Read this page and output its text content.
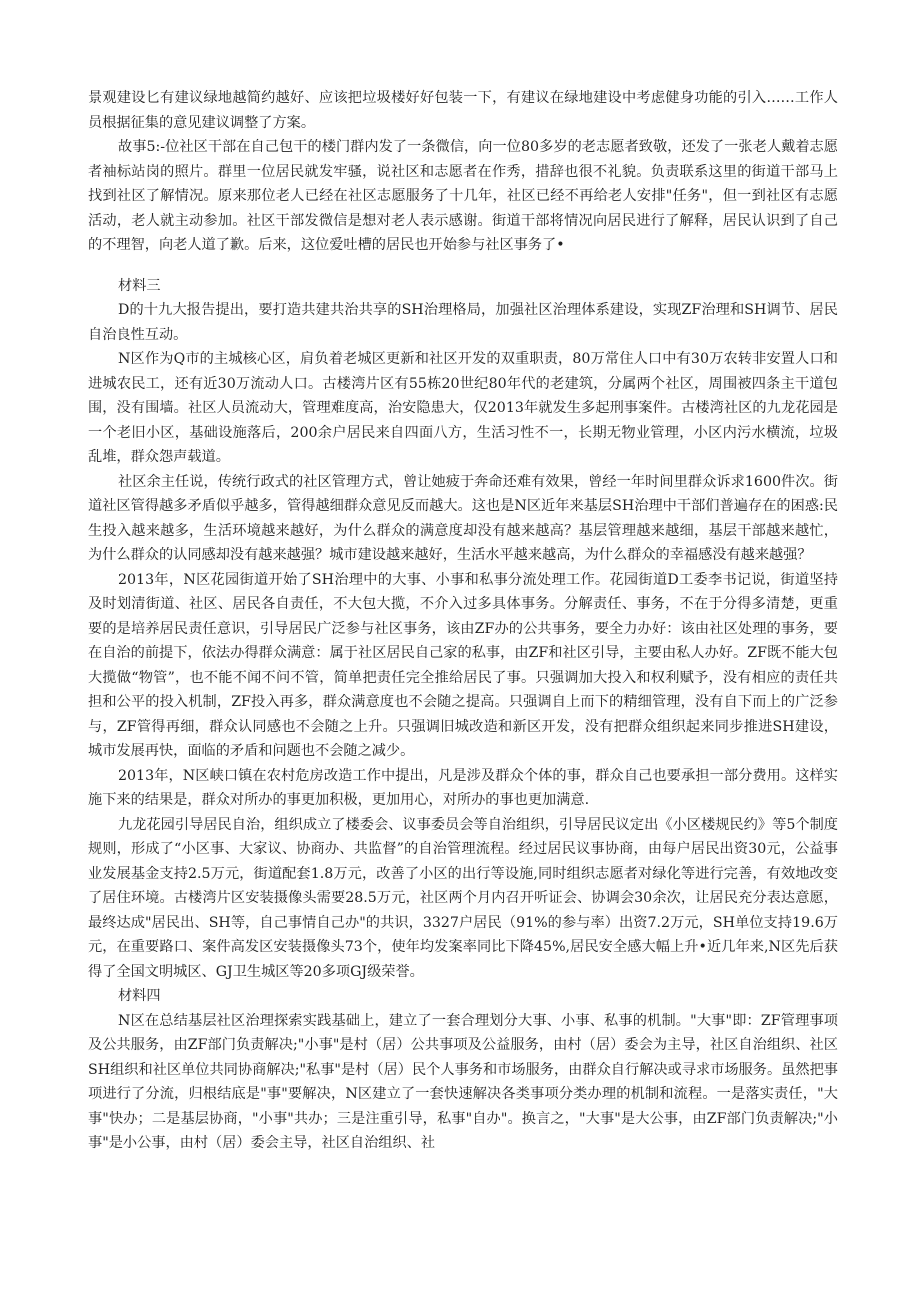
景观建设匕有建议绿地越简约越好、应该把垃圾楼好好包装一下，有建议在绿地建设中考虑健身功能的引入……工作人员根据征集的意见建议调整了方案。

故事5:-位社区干部在自己包干的楼门群内发了一条微信，向一位80多岁的老志愿者致敬，还发了一张老人戴着志愿者袖标站岗的照片。群里一位居民就发牢骚，说社区和志愿者在作秀，措辞也很不礼貌。负责联系这里的街道干部马上找到社区了解情况。原来那位老人已经在社区志愿服务了十几年，社区已经不再给老人安排"任务"，但一到社区有志愿活动，老人就主动参加。社区干部发微信是想对老人表示感谢。街道干部将情况向居民进行了解释，居民认识到了自己的不理智，向老人道了歉。后来，这位爱吐槽的居民也开始参与社区事务了•

材料三

D的十九大报告提出，要打造共建共治共享的SH治理格局，加强社区治理体系建设，实现ZF治理和SH调节、居民自治良性互动。

N区作为Q市的主城核心区，肩负着老城区更新和社区开发的双重职责，80万常住人口中有30万农转非安置人口和进城农民工，还有近30万流动人口。古楼湾片区有55栋20世纪80年代的老建筑，分属两个社区，周围被四条主干道包围，没有围墙。社区人员流动大，管理难度高，治安隐患大，仅2013年就发生多起刑事案件。古楼湾社区的九龙花园是一个老旧小区，基础设施落后，200余户居民来自四面八方，生活习性不一，长期无物业管理，小区内污水横流，垃圾乱堆，群众怨声载道。

社区余主任说，传统行政式的社区管理方式，曾让她疲于奔命还难有效果，曾经一年时间里群众诉求1600件次。街道社区管得越多矛盾似乎越多，管得越细群众意见反而越大。这也是N区近年来基层SH治理中干部们普遍存在的困惑:民生投入越来越多，生活环境越来越好，为什么群众的满意度却没有越来越高？基层管理越来越细，基层干部越来越忙，为什么群众的认同感却没有越来越强？城市建设越来越好，生活水平越来越高，为什么群众的幸福感没有越来越强？

2013年，N区花园街道开始了SH治理中的大事、小事和私事分流处理工作。花园街道D工委李书记说，街道坚持及时划清街道、社区、居民各自责任，不大包大揽，不介入过多具体事务。分解责任、事务，不在于分得多清楚，更重要的是培养居民责任意识，引导居民广泛参与社区事务，该由ZF办的公共事务，要全力办好：该由社区处理的事务，要在自治的前提下，依法办得群众满意：属于社区居民自己家的私事，由ZF和社区引导，主要由私人办好。ZF既不能大包大揽做“物管”，也不能不闻不问不管，简单把责任完全推给居民了事。只强调加大投入和权利赋予，没有相应的责任共担和公平的投入机制，ZF投入再多，群众满意度也不会随之提高。只强调自上而下的精细管理，没有自下而上的广泛参与，ZF管得再细，群众认同感也不会随之上升。只强调旧城改造和新区开发，没有把群众组织起来同步推进SH建设，城市发展再快，面临的矛盾和问题也不会随之减少。

2013年，N区峡口镇在农村危房改造工作中提出，凡是涉及群众个体的事，群众自己也要承担一部分费用。这样实施下来的结果是，群众对所办的事更加积极，更加用心，对所办的事也更加满意.

九龙花园引导居民自治，组织成立了楼委会、议事委员会等自治组织，引导居民议定出《小区楼规民约》等5个制度规则，形成了“小区事、大家议、协商办、共监督”的自治管理流程。经过居民议事协商，由每户居民出资30元，公益事业发展基金支持2.5万元，街道配套1.8万元，改善了小区的出行等设施,同时组织志愿者对绿化等进行完善，有效地改变了居住环境。古楼湾片区安装摄像头需要28.5万元，社区两个月内召开听证会、协调会30余次，让居民充分表达意愿，最终达成"居民出、SH等，自己事情自己办"的共识，3327户居民（91%的参与率）出资7.2万元，SH单位支持19.6万元，在重要路口、案件高发区安装摄像头73个，使年均发案率同比下降45%,居民安全感大幅上升•近几年来,N区先后获得了全国文明城区、GJ卫生城区等20多项GJ级荣誉。

材料四

N区在总结基层社区治理探索实践基础上，建立了一套合理划分大事、小事、私事的机制。"大事"即：ZF管理事项及公共服务，由ZF部门负责解决;"小事"是村（居）公共事项及公益服务，由村（居）委会为主导，社区自治组织、社区SH组织和社区单位共同协商解决;"私事"是村（居）民个人事务和市场服务，由群众自行解决或寻求市场服务。虽然把事项进行了分流，归根结底是"事"要解决，N区建立了一套快速解决各类事项分类办理的机制和流程。一是落实责任，"大事"快办；二是基层协商，"小事"共办；三是注重引导，私事"自办"。换言之，"大事"是大公事，由ZF部门负责解决;"小事"是小公事，由村（居）委会主导，社区自治组织、社
